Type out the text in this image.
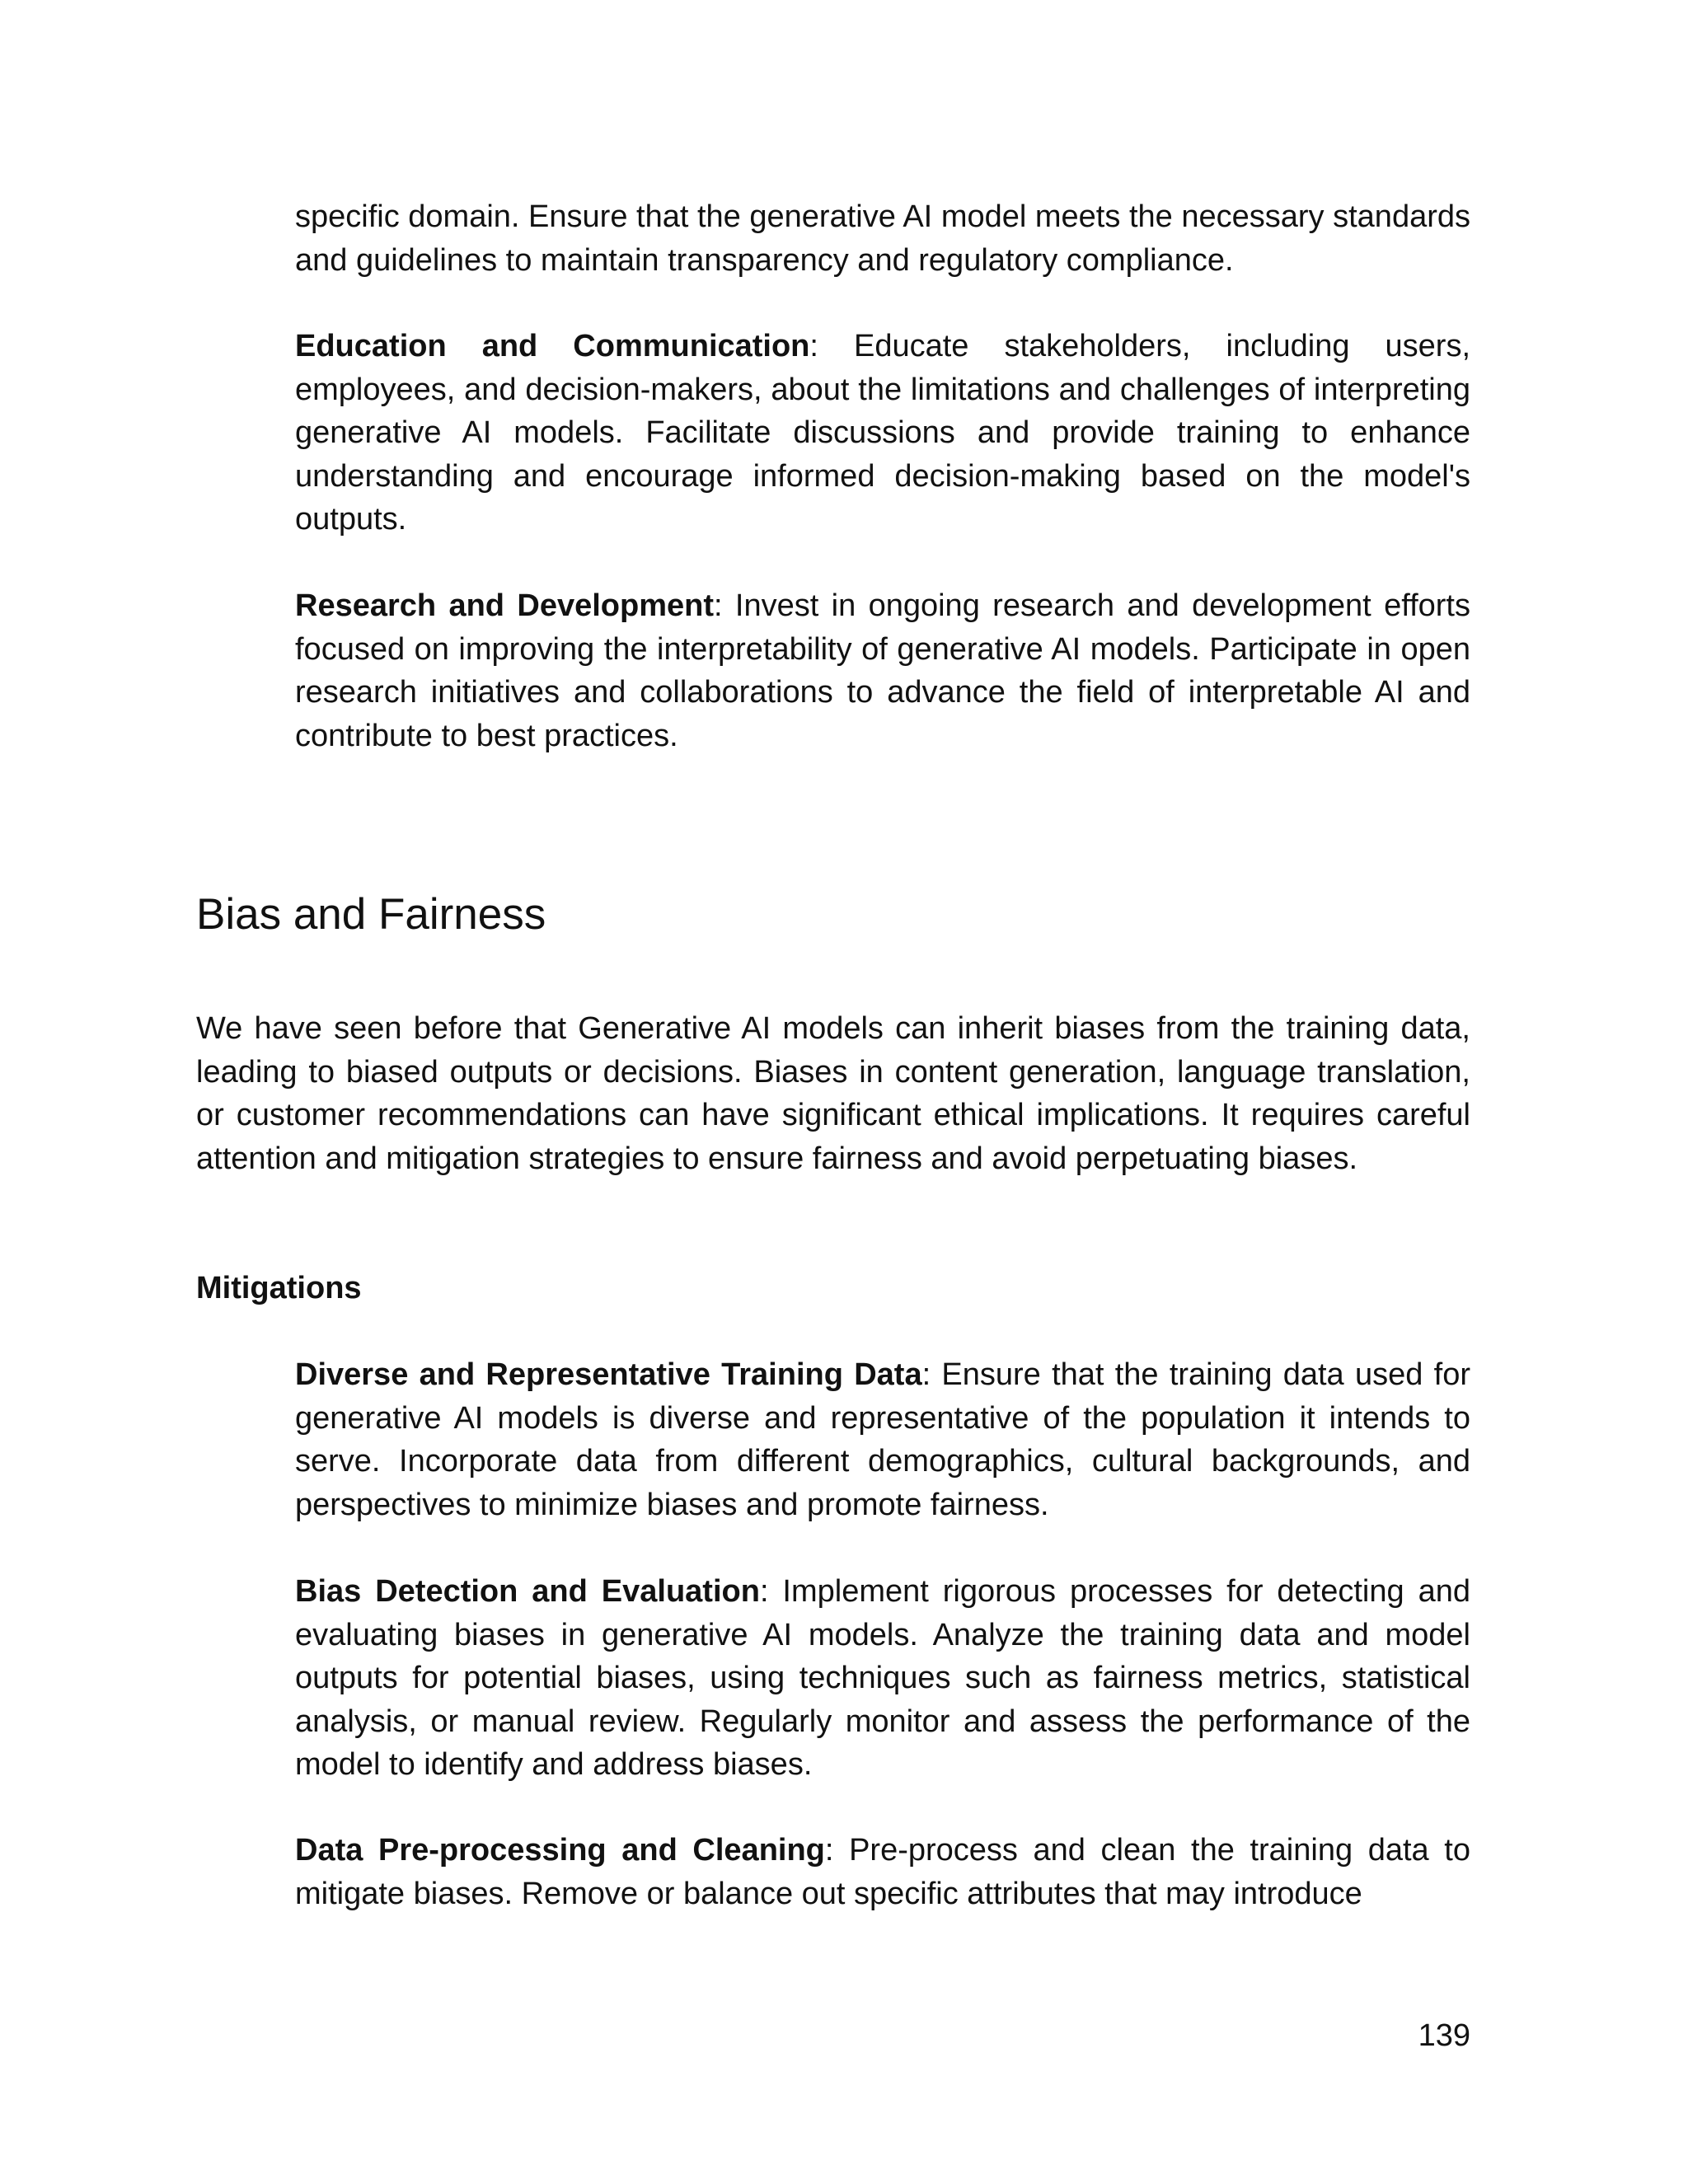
specific domain. Ensure that the generative AI model meets the necessary standards and guidelines to maintain transparency and regulatory compliance.

Education and Communication: Educate stakeholders, including users, employees, and decision-makers, about the limitations and challenges of interpreting generative AI models. Facilitate discussions and provide training to enhance understanding and encourage informed decision-making based on the model's outputs.

Research and Development: Invest in ongoing research and development efforts focused on improving the interpretability of generative AI models. Participate in open research initiatives and collaborations to advance the field of interpretable AI and contribute to best practices.

Bias and Fairness

We have seen before that Generative AI models can inherit biases from the training data, leading to biased outputs or decisions. Biases in content generation, language translation, or customer recommendations can have significant ethical implications. It requires careful attention and mitigation strategies to ensure fairness and avoid perpetuating biases.

Mitigations

Diverse and Representative Training Data: Ensure that the training data used for generative AI models is diverse and representative of the population it intends to serve. Incorporate data from different demographics, cultural backgrounds, and perspectives to minimize biases and promote fairness.

Bias Detection and Evaluation: Implement rigorous processes for detecting and evaluating biases in generative AI models. Analyze the training data and model outputs for potential biases, using techniques such as fairness metrics, statistical analysis, or manual review. Regularly monitor and assess the performance of the model to identify and address biases.

Data Pre-processing and Cleaning: Pre-process and clean the training data to mitigate biases. Remove or balance out specific attributes that may introduce

139
